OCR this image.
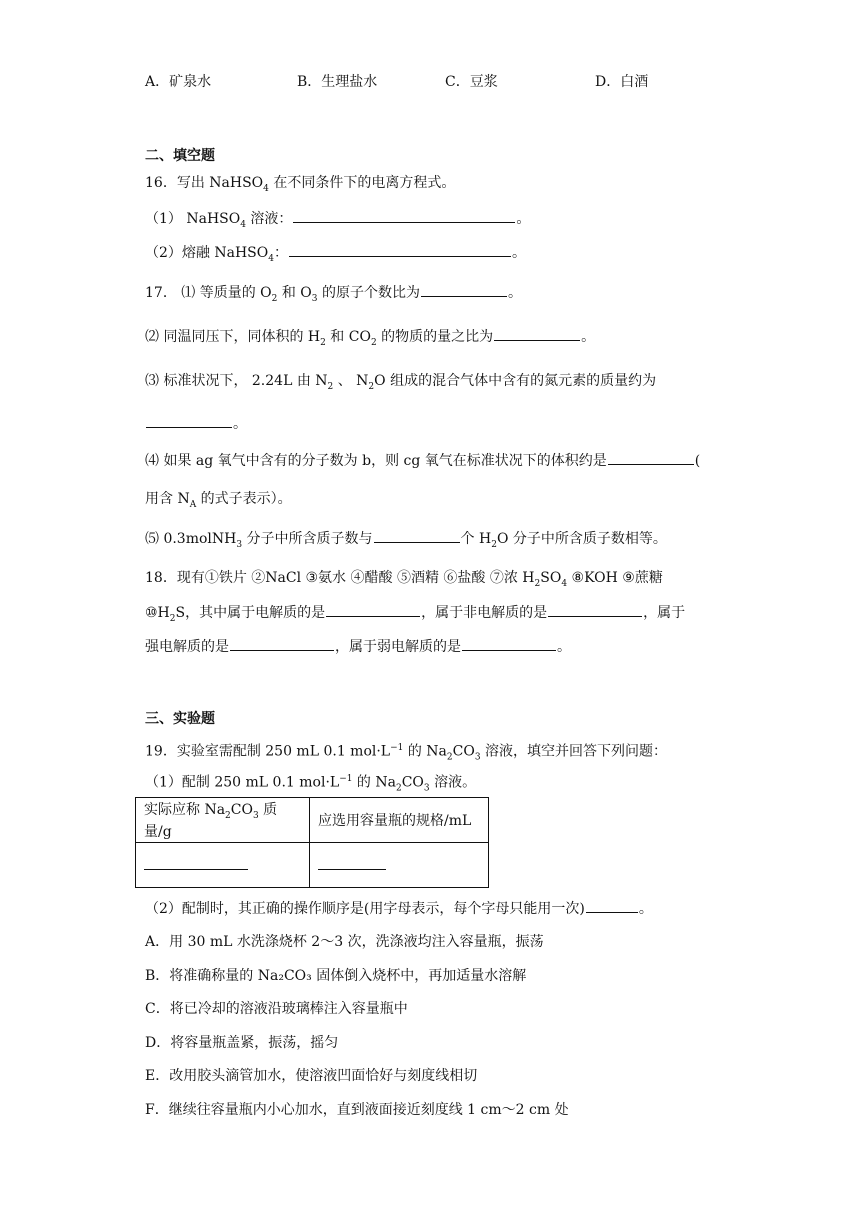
A．矿泉水	B．生理盐水	C．豆浆	D．白酒
二、填空题
16．写出 NaHSO$_4$ 在不同条件下的电离方程式。
（1） NaHSO$_4$ 溶液：	。
（2）熔融 NaHSO$_4$：	。
17． ⑴ 等质量的 $O_2$ 和 $O_3$ 的原子个数比为	。
⑵ 同温同压下，同体积的 $H_2$ 和 $CO_2$ 的物质的量之比为	。
⑶ 标准状况下， 2.24L 由 $N_2$ 、 $N_2O$ 组成的混合气体中含有的氮元素的质量约为
。
⑷ 如果 ag 氧气中含有的分子数为 b，则 cg 氧气在标准状况下的体积约是	(
用含 $N_A$ 的式子表示）。
⑸ 0.3molNH$_3$ 分子中所含质子数与	个 $H_2O$ 分子中所含质子数相等。
18．现有①铁片 ②NaCl ③氨水 ④醋酸 ⑤酒精 ⑥盐酸 ⑦浓 $H_2SO_4$ ⑧KOH ⑨蔗糖
$⑩H_2S$，其中属于电解质的是	，属于非电解质的是	，属于
强电解质的是	，属于弱电解质的是	。
三、实验题
19．实验室需配制 250 mL 0.1 $mol\cdot L^{-1}$ 的 $Na_2CO_3$ 溶液，填空并回答下列问题：
（1）配制 250 mL 0.1 $mol\cdot L^{-1}$ 的 $Na_2CO_3$ 溶液。
实际应称 $Na_2CO_3$ 质量/g	应选用容量瓶的规格/mL

（2）配制时，其正确的操作顺序是(用字母表示，每个字母只能用一次)	。
A．用 30 mL 水洗涤烧杯 2～3 次，洗涤液均注入容量瓶，振荡
B．将准确称量的 Na₂CO₃ 固体倒入烧杯中，再加适量水溶解
C．将已冷却的溶液沿玻璃棒注入容量瓶中
D．将容量瓶盖紧，振荡，摇匀
E．改用胶头滴管加水，使溶液凹面恰好与刻度线相切
F．继续往容量瓶内小心加水，直到液面接近刻度线 1 cm～2 cm 处
